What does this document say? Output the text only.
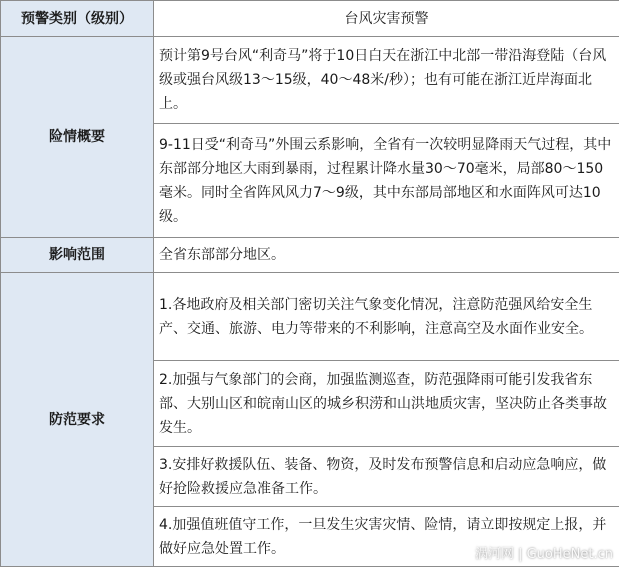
预警类别（级别）	台风灾害预警
险情概要	预计第9号台风“利奇马”将于10日白天在浙江中北部一带沿海登陆（台风级或强台风级13～15级，40～48米/秒）；也有可能在浙江近岸海面北上。
	9-11日受“利奇马”外围云系影响，全省有一次较明显降雨天气过程，其中东部部分地区大雨到暴雨，过程累计降水量30～70毫米，局部80～150毫米。同时全省阵风风力7～9级，其中东部局部地区和水面阵风可达10级。
影响范围	全省东部部分地区。
防范要求	1.各地政府及相关部门密切关注气象变化情况，注意防范强风给安全生产、交通、旅游、电力等带来的不利影响，注意高空及水面作业安全。
	2.加强与气象部门的会商，加强监测巡查，防范强降雨可能引发我省东部、大别山区和皖南山区的城乡积涝和山洪地质灾害，坚决防止各类事故发生。
	3.安排好救援队伍、装备、物资，及时发布预警信息和启动应急响应，做好抢险救援应急准备工作。
	4.加强值班值守工作，一旦发生灾害灾情、险情，请立即按规定上报，并做好应急处置工作。	涡河网 | GuoHeNet.cn
